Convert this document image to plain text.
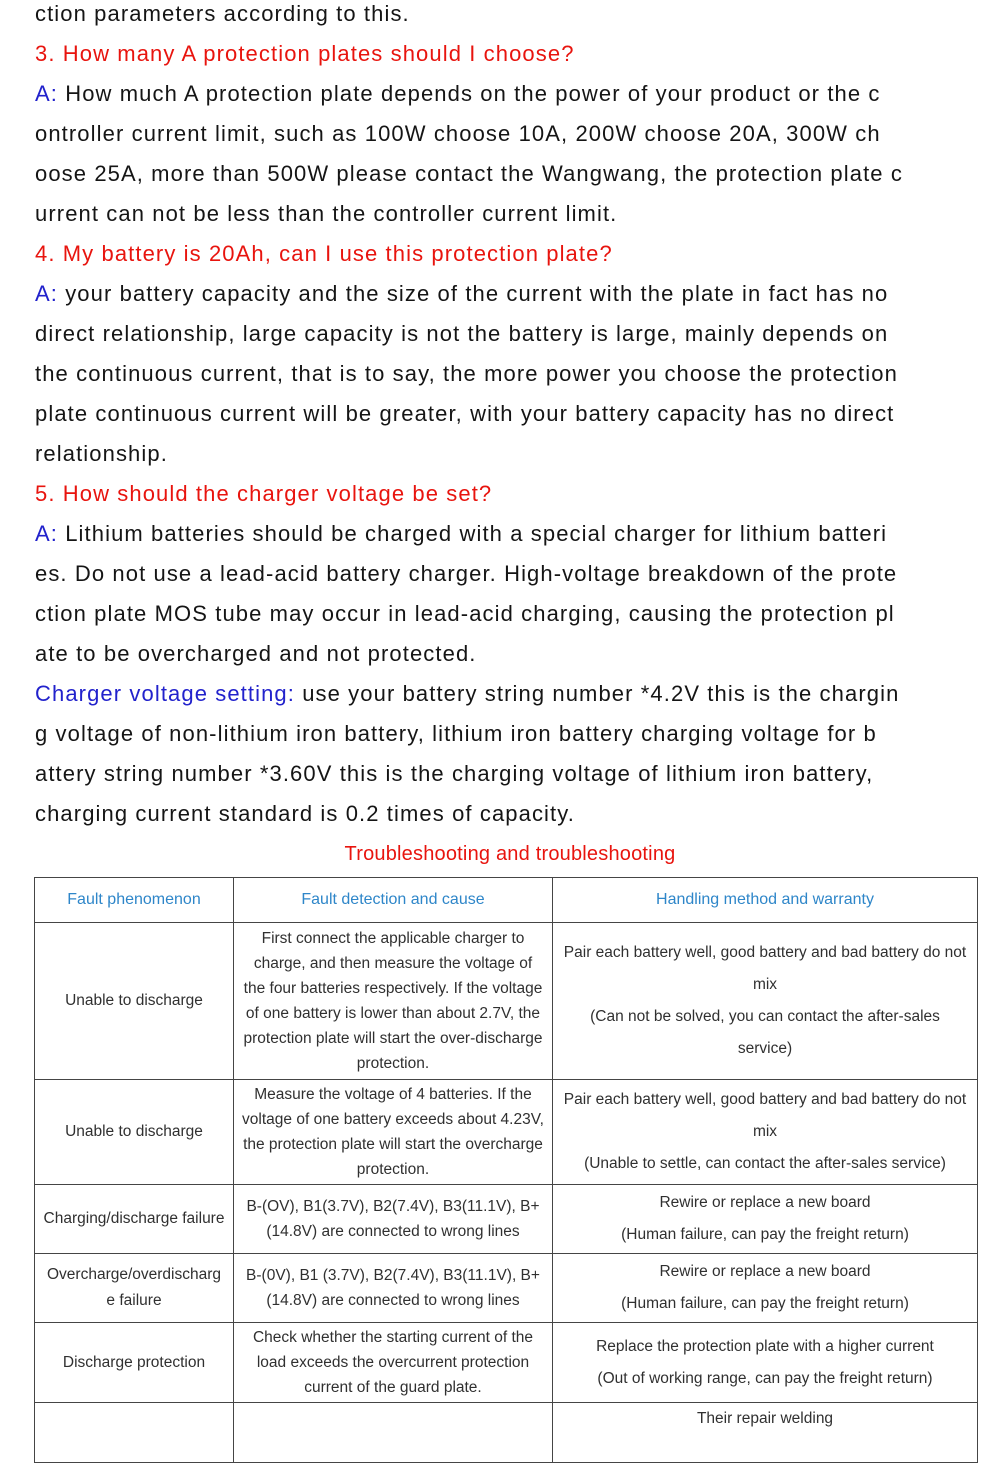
ction parameters according to this.
3. How many A protection plates should I choose?
A: How much A protection plate depends on the power of your product or the c
ontroller current limit, such as 100W choose 10A, 200W choose 20A, 300W ch
oose 25A, more than 500W please contact the Wangwang, the protection plate c
urrent can not be less than the controller current limit.
4. My battery is 20Ah, can I use this protection plate?
A: your battery capacity and the size of the current with the plate in fact has no
direct relationship, large capacity is not the battery is large, mainly depends on
the continuous current, that is to say, the more power you choose the protection
plate continuous current will be greater, with your battery capacity has no direct
relationship.
5. How should the charger voltage be set?
A: Lithium batteries should be charged with a special charger for lithium batteri
es. Do not use a lead-acid battery charger. High-voltage breakdown of the prote
ction plate MOS tube may occur in lead-acid charging, causing the protection pl
ate to be overcharged and not protected.
Charger voltage setting: use your battery string number *4.2V this is the chargin
g voltage of non-lithium iron battery, lithium iron battery charging voltage for b
attery string number *3.60V this is the charging voltage of lithium iron battery,
charging current standard is 0.2 times of capacity.
Troubleshooting and troubleshooting
Fault phenomenon	Fault detection and cause	Handling method and warranty
Unable to discharge	First connect the applicable charger to charge, and then measure the voltage of the four batteries respectively. If the voltage of one battery is lower than about 2.7V, the protection plate will start the over-discharge protection.	Pair each battery well, good battery and bad battery do not mix
(Can not be solved, you can contact the after-sales service)

Unable to discharge	Measure the voltage of 4 batteries. If the voltage of one battery exceeds about 4.23V, the protection plate will start the overcharge protection.	Pair each battery well, good battery and bad battery do not mix
(Unable to settle, can contact the after-sales service)

Charging/discharge failure	B-(OV), B1(3.7V), B2(7.4V), B3(11.1V), B+(14.8V) are connected to wrong lines	Rewire or replace a new board
(Human failure, can pay the freight return)

Overcharge/overdischarge failure	B-(0V), B1 (3.7V), B2(7.4V), B3(11.1V), B+(14.8V) are connected to wrong lines	Rewire or replace a new board
(Human failure, can pay the freight return)

Discharge protection	Check whether the starting current of the load exceeds the overcurrent protection current of the guard plate.	Replace the protection plate with a higher current
(Out of working range, can pay the freight return)

		Their repair welding
